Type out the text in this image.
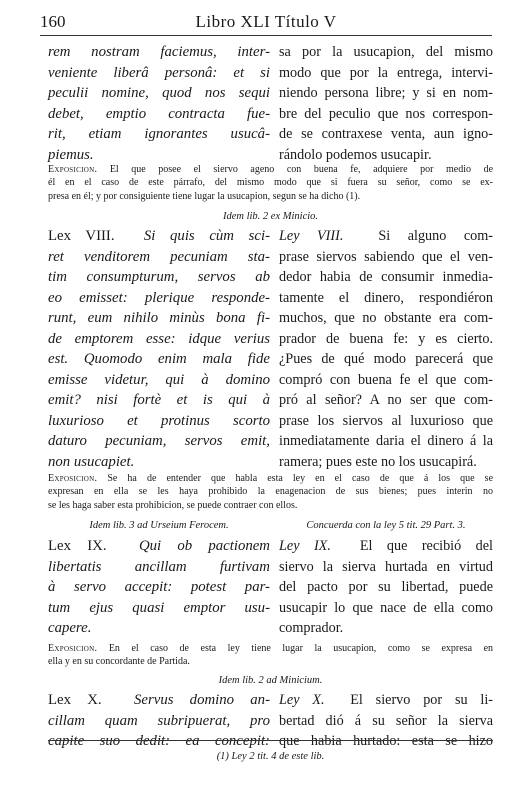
160	Libro XLI Título V
rem nostram faciemus, inter-
veniente liberâ personâ: et si
peculii nomine, quod nos sequi
debet, emptio contracta fue-
rit, etiam ignorantes usucâ-
piemus.
sa por la usucapion, del mismo
modo que por la entrega, intervi-
niendo persona libre; y si en nom-
bre del peculio que nos correspon-
de se contraxese venta, aun igno-
rándolo podemos usucapir.
Exposicion. El que posee el siervo ageno con buena fe, adquiere por medio de
él en el caso de este párrafo, del mismo modo que si fuera su señor, como se ex-
presa en él; y por consiguiente tiene lugar la usucapion, segun se ha dicho (1).
Idem lib. 2 ex Minicio.
Lex VIII. Si quis cùm sci-
ret venditorem pecuniam sta-
tim consumpturum, servos ab
eo emisset: plerique responde-
runt, eum nihilo minùs bona fi-
de emptorem esse: idque verius
est. Quomodo enim mala fide
emisse videtur, qui à domino
emit? nisi fortè et is qui à
luxurioso et protinus scorto
daturo pecuniam, servos emit,
non usucapiet.
Ley VIII. Si alguno com-
prase siervos sabiendo que el ven-
dedor habia de consumir inmedia-
tamente el dinero, respondiéron
muchos, que no obstante era com-
prador de buena fe: y es cierto.
¿Pues de qué modo parecerá que
compró con buena fe el que com-
pró al señor? A no ser que com-
prase los siervos al luxurioso que
inmediatamente daria el dinero á la
ramera; pues este no los usucapirá.
Exposicion. Se ha de entender que habla esta ley en el caso de que á los que se
expresan en ella se les haya prohibido la enagenacion de sus bienes; pues interin no
se les haga saber esta prohibicion, se puede contraer con ellos.
Idem lib. 3 ad Urseium Ferocem.	Concuerda con la ley 5 tit. 29 Part. 3.
Lex IX. Qui ob pactionem
libertatis ancillam furtivam
à servo accepit: potest par-
tum ejus quasi emptor usu-
capere.
Ley IX. El que recibió del
siervo la sierva hurtada en virtud
del pacto por su libertad, puede
usucapir lo que nace de ella como
comprador.
Exposicion. En el caso de esta ley tiene lugar la usucapion, como se expresa en
ella y en su concordante de Partida.
Idem lib. 2 ad Minicium.
Lex X. Servus domino an-
cillam quam subripuerat, pro
capite suo dedit: ea concepit:
Ley X. El siervo por su li-
bertad dió á su señor la sierva
que habia hurtado: esta se hizo
(1) Ley 2 tit. 4 de este lib.
